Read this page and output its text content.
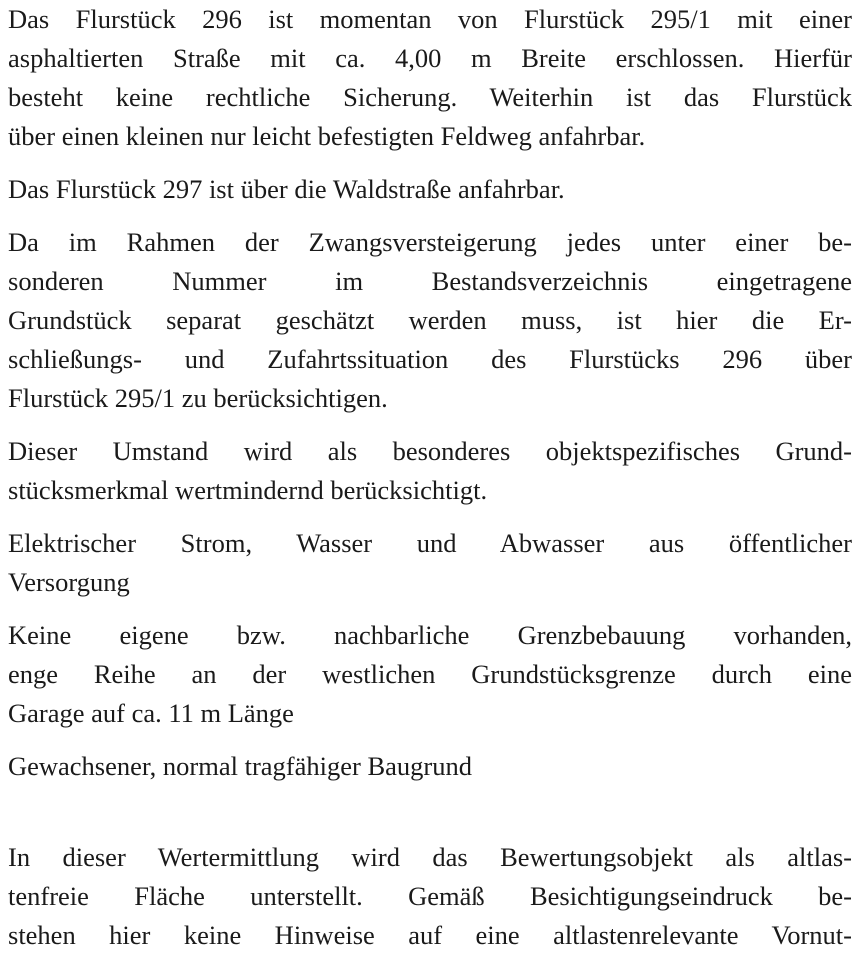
Das Flurstück 296 ist momentan von Flurstück 295/1 mit einer
asphaltierten Straße mit ca. 4,00 m Breite erschlossen. Hierfür
besteht keine rechtliche Sicherung. Weiterhin ist das Flurstück
über einen kleinen nur leicht befestigten Feldweg anfahrbar.

Das Flurstück 297 ist über die Waldstraße anfahrbar.

Da im Rahmen der Zwangsversteigerung jedes unter einer be-
sonderen Nummer im Bestandsverzeichnis eingetragene
Grundstück separat geschätzt werden muss, ist hier die Er-
schließungs- und Zufahrtssituation des Flurstücks 296 über
Flurstück 295/1 zu berücksichtigen.

Dieser Umstand wird als besonderes objektspezifisches Grund-
stücksmerkmal wertmindernd berücksichtigt.

Elektrischer Strom, Wasser und Abwasser aus öffentlicher
Versorgung

Keine eigene bzw. nachbarliche Grenzbebauung vorhanden,
enge Reihe an der westlichen Grundstücksgrenze durch eine
Garage auf ca. 11 m Länge

Gewachsener, normal tragfähiger Baugrund

In dieser Wertermittlung wird das Bewertungsobjekt als altlas-
tenfreie Fläche unterstellt. Gemäß Besichtigungseindruck be-
stehen hier keine Hinweise auf eine altlastenrelevante Vornut-
